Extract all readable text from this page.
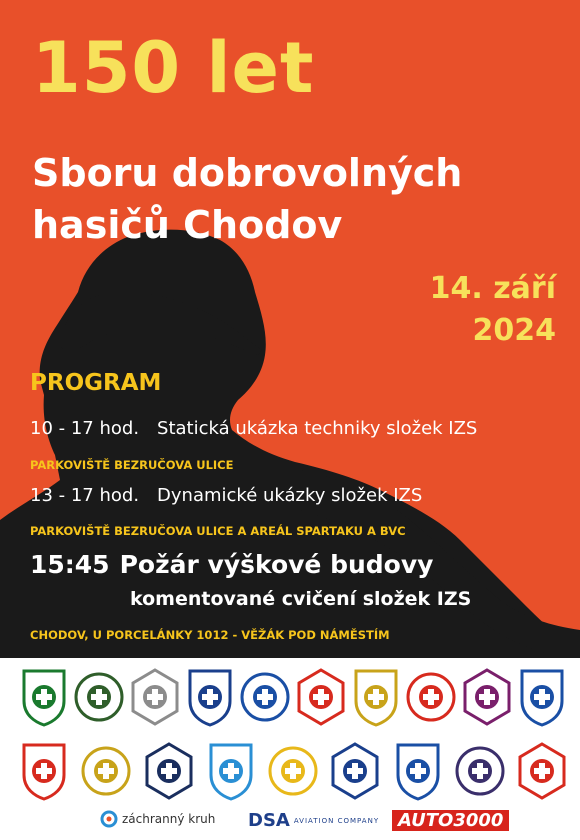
150 let
Sboru dobrovolných
hasičů Chodov
14. září
2024
PROGRAM
10 - 17 hod. Statická ukázka techniky složek IZS
PARKOVIŠTĚ BEZRUČOVA ULICE
13 - 17 hod. Dynamické ukázky složek IZS
PARKOVIŠTĚ BEZRUČOVA ULICE A AREÁL SPARTAKU A BVC
15:45 Požár výškové budovy
komentované cvičení složek IZS
CHODOV, U PORCELÁNKY 1012 - VĚŽÁK POD NÁMĚSTÍM
záchranný kruh DSA AVIATION COMPANY	AUTO3000
